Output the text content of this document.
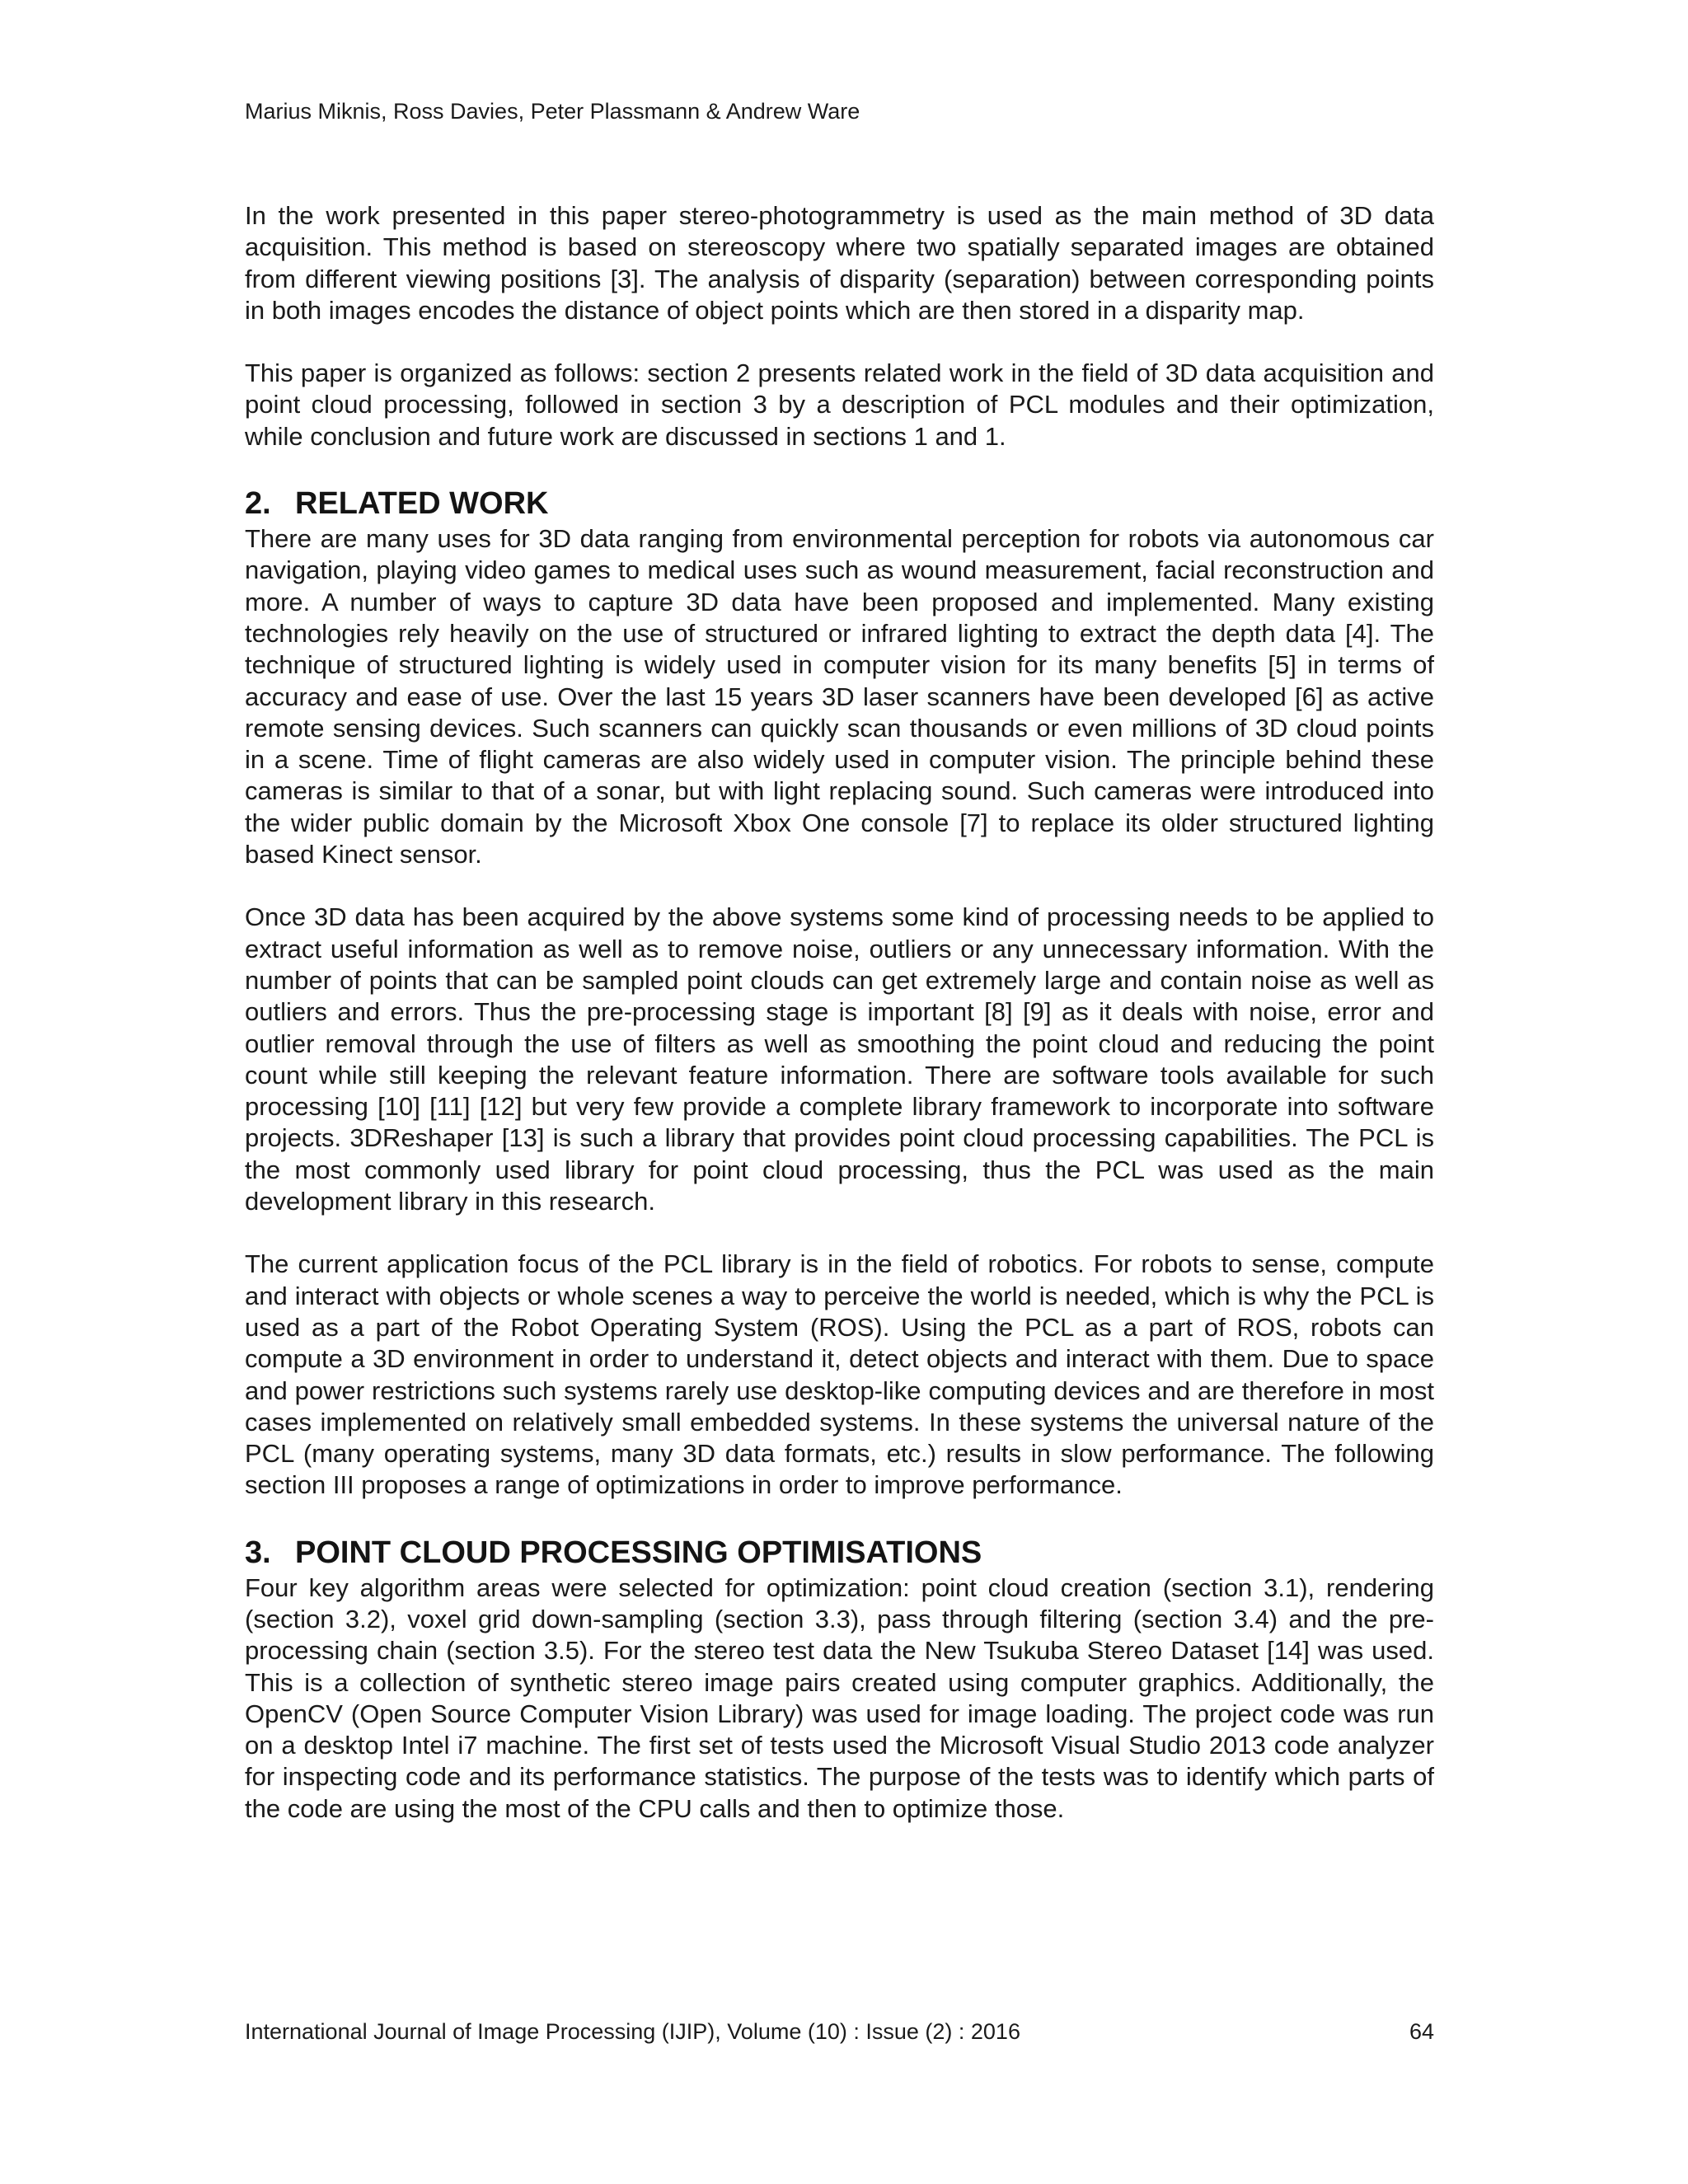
Marius Miknis, Ross Davies, Peter Plassmann & Andrew Ware

In the work presented in this paper stereo-photogrammetry is used as the main method of 3D data acquisition. This method is based on stereoscopy where two spatially separated images are obtained from different viewing positions [3]. The analysis of disparity (separation) between corresponding points in both images encodes the distance of object points which are then stored in a disparity map.

This paper is organized as follows: section 2 presents related work in the field of 3D data acquisition and point cloud processing, followed in section 3 by a description of PCL modules and their optimization, while conclusion and future work are discussed in sections 1 and 1.

2. RELATED WORK

There are many uses for 3D data ranging from environmental perception for robots via autonomous car navigation, playing video games to medical uses such as wound measurement, facial reconstruction and more. A number of ways to capture 3D data have been proposed and implemented. Many existing technologies rely heavily on the use of structured or infrared lighting to extract the depth data [4]. The technique of structured lighting is widely used in computer vision for its many benefits [5] in terms of accuracy and ease of use. Over the last 15 years 3D laser scanners have been developed [6] as active remote sensing devices. Such scanners can quickly scan thousands or even millions of 3D cloud points in a scene. Time of flight cameras are also widely used in computer vision. The principle behind these cameras is similar to that of a sonar, but with light replacing sound. Such cameras were introduced into the wider public domain by the Microsoft Xbox One console [7] to replace its older structured lighting based Kinect sensor.

Once 3D data has been acquired by the above systems some kind of processing needs to be applied to extract useful information as well as to remove noise, outliers or any unnecessary information. With the number of points that can be sampled point clouds can get extremely large and contain noise as well as outliers and errors. Thus the pre-processing stage is important [8] [9] as it deals with noise, error and outlier removal through the use of filters as well as smoothing the point cloud and reducing the point count while still keeping the relevant feature information. There are software tools available for such processing [10] [11] [12] but very few provide a complete library framework to incorporate into software projects. 3DReshaper [13] is such a library that provides point cloud processing capabilities. The PCL is the most commonly used library for point cloud processing, thus the PCL was used as the main development library in this research.

The current application focus of the PCL library is in the field of robotics. For robots to sense, compute and interact with objects or whole scenes a way to perceive the world is needed, which is why the PCL is used as a part of the Robot Operating System (ROS). Using the PCL as a part of ROS, robots can compute a 3D environment in order to understand it, detect objects and interact with them. Due to space and power restrictions such systems rarely use desktop-like computing devices and are therefore in most cases implemented on relatively small embedded systems. In these systems the universal nature of the PCL (many operating systems, many 3D data formats, etc.) results in slow performance. The following section III proposes a range of optimizations in order to improve performance.

3. POINT CLOUD PROCESSING OPTIMISATIONS

Four key algorithm areas were selected for optimization: point cloud creation (section 3.1), rendering (section 3.2), voxel grid down-sampling (section 3.3), pass through filtering (section 3.4) and the pre-processing chain (section 3.5). For the stereo test data the New Tsukuba Stereo Dataset [14] was used. This is a collection of synthetic stereo image pairs created using computer graphics. Additionally, the OpenCV (Open Source Computer Vision Library) was used for image loading. The project code was run on a desktop Intel i7 machine. The first set of tests used the Microsoft Visual Studio 2013 code analyzer for inspecting code and its performance statistics. The purpose of the tests was to identify which parts of the code are using the most of the CPU calls and then to optimize those.

International Journal of Image Processing (IJIP), Volume (10) : Issue (2) : 2016	64
